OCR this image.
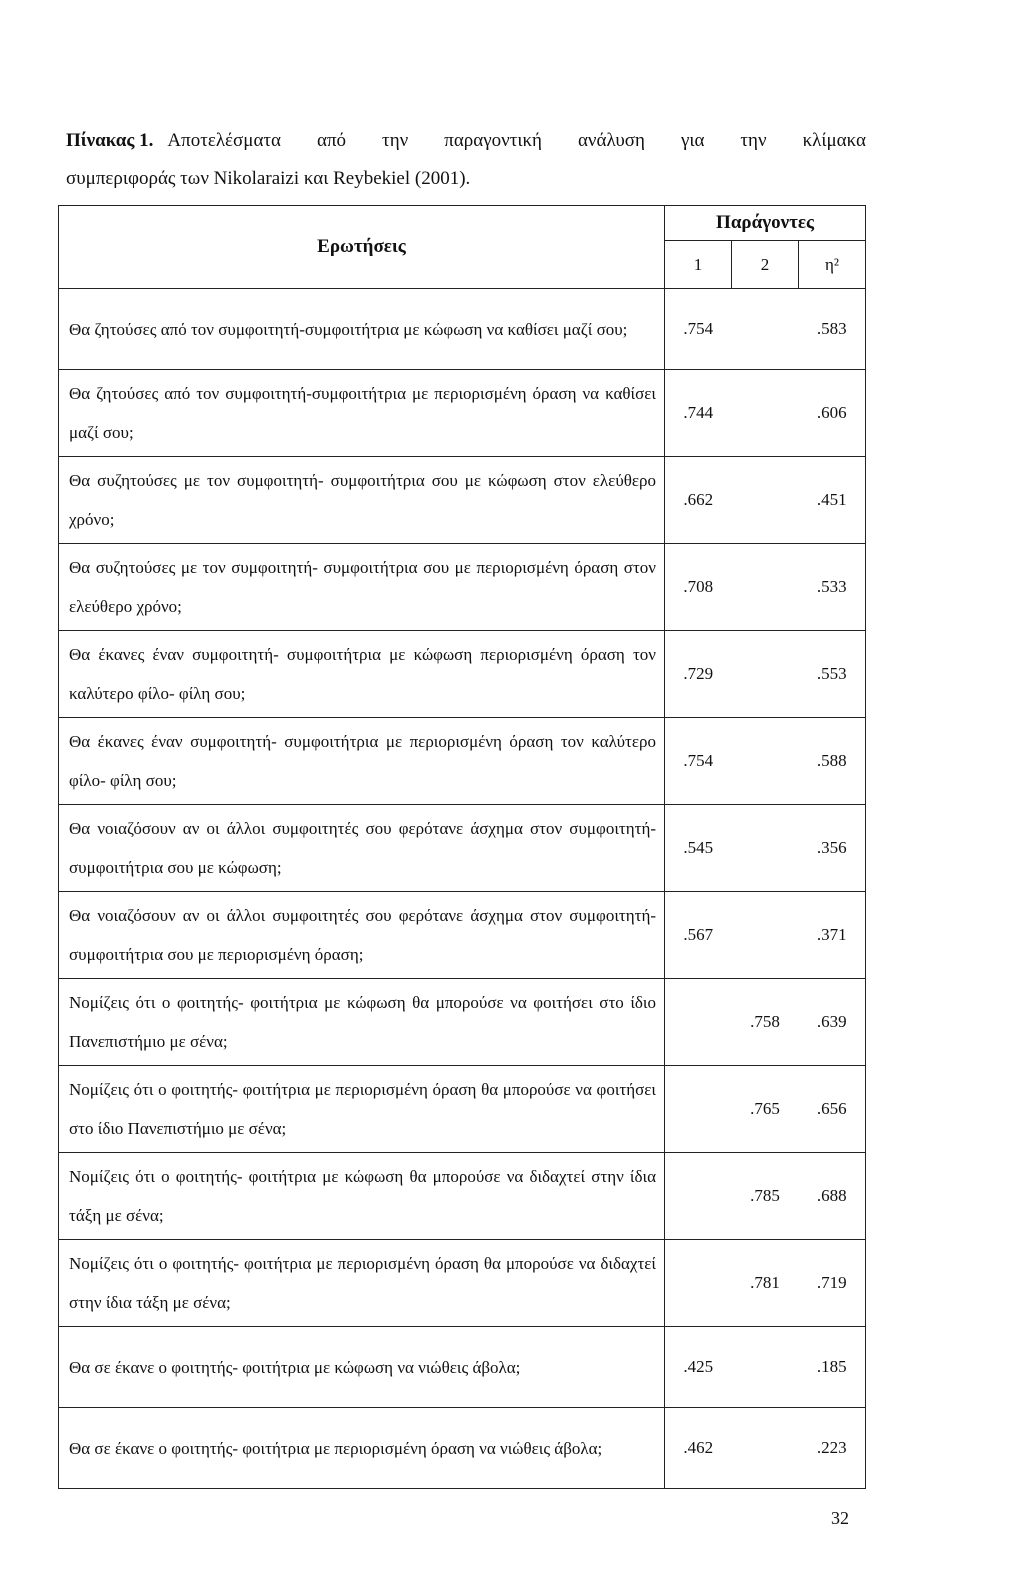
Πίνακας 1. Αποτελέσματα από την παραγοντική ανάλυση για την κλίμακα
συμπεριφοράς των Nikolaraizi και Reybekiel (2001).
Ερωτήσεις	Παράγοντες		
	1	2	η²
Θα ζητούσες από τον συμφοιτητή-συμφοιτήτρια με κώφωση να καθίσει μαζί σου;	.754		.583
Θα ζητούσες από τον συμφοιτητή-συμφοιτήτρια με περιορισμένη όραση να καθίσει μαζί σου;	.744		.606
Θα συζητούσες με τον συμφοιτητή- συμφοιτήτρια σου με κώφωση στον ελεύθερο χρόνο;	.662		.451
Θα συζητούσες με τον συμφοιτητή- συμφοιτήτρια σου με περιορισμένη όραση στον ελεύθερο χρόνο;	.708		.533
Θα έκανες έναν συμφοιτητή- συμφοιτήτρια με κώφωση περιορισμένη όραση τον καλύτερο φίλο- φίλη σου;	.729		.553
Θα έκανες έναν συμφοιτητή- συμφοιτήτρια με περιορισμένη όραση τον καλύτερο φίλο- φίλη σου;	.754		.588
Θα νοιαζόσουν αν οι άλλοι συμφοιτητές σου φερότανε άσχημα στον συμφοιτητή- συμφοιτήτρια σου με κώφωση;	.545		.356
Θα νοιαζόσουν αν οι άλλοι συμφοιτητές σου φερότανε άσχημα στον συμφοιτητή- συμφοιτήτρια σου με περιορισμένη όραση;	.567		.371
Νομίζεις ότι ο φοιτητής- φοιτήτρια με κώφωση θα μπορούσε να φοιτήσει στο ίδιο Πανεπιστήμιο με σένα;		.758	.639
Νομίζεις ότι ο φοιτητής- φοιτήτρια με περιορισμένη όραση θα μπορούσε να φοιτήσει στο ίδιο Πανεπιστήμιο με σένα;		.765	.656
Νομίζεις ότι ο φοιτητής- φοιτήτρια με κώφωση θα μπορούσε να διδαχτεί στην ίδια τάξη με σένα;		.785	.688
Νομίζεις ότι ο φοιτητής- φοιτήτρια με περιορισμένη όραση θα μπορούσε να διδαχτεί στην ίδια τάξη με σένα;		.781	.719
Θα σε έκανε ο φοιτητής- φοιτήτρια με κώφωση να νιώθεις άβολα;	.425		.185
Θα σε έκανε ο φοιτητής- φοιτήτρια με περιορισμένη όραση να νιώθεις άβολα;	.462		.223
32
